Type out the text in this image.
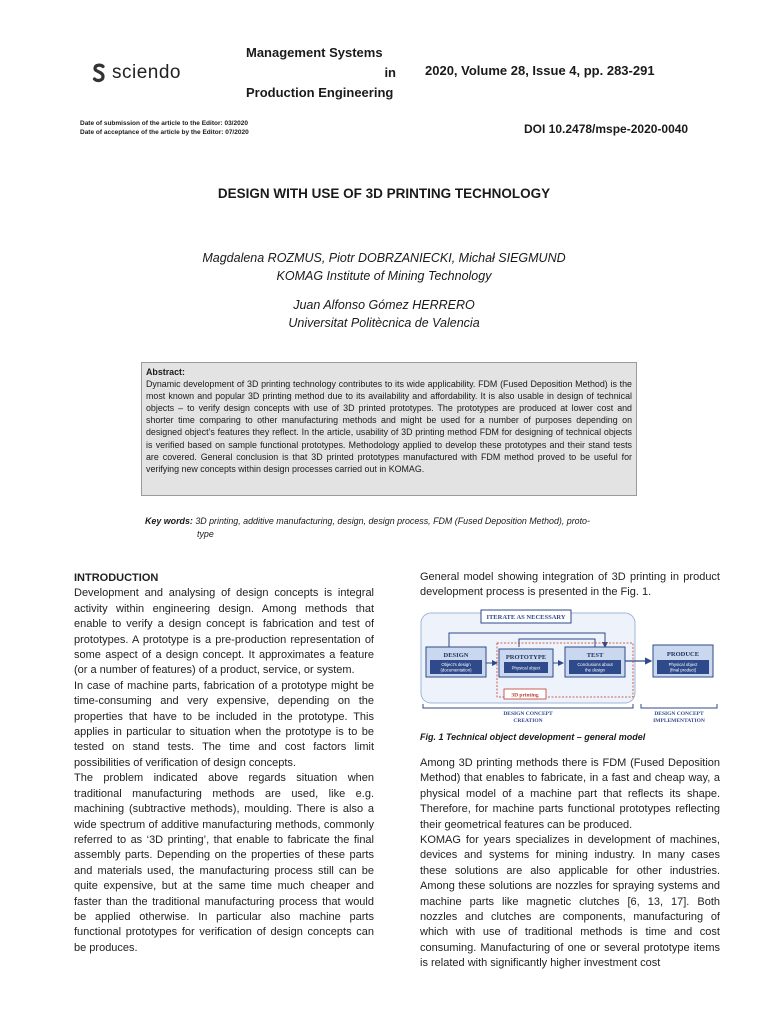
sciendo
Management Systems
in
Production Engineering
2020, Volume 28, Issue 4, pp. 283-291
Date of submission of the article to the Editor: 03/2020
Date of acceptance of the article by the Editor: 07/2020	DOI 10.2478/mspe-2020-0040
DESIGN WITH USE OF 3D PRINTING TECHNOLOGY
Magdalena ROZMUS, Piotr DOBRZANIECKI, Michał SIEGMUND
KOMAG Institute of Mining Technology
Juan Alfonso Gómez HERRERO
Universitat Politècnica de Valencia
Abstract:
Dynamic development of 3D printing technology contributes to its wide applicability. FDM (Fused Deposition Method) is the most known and popular 3D printing method due to its availability and affordability. It is also usable in design of technical objects – to verify design concepts with use of 3D printed prototypes. The prototypes are produced at lower cost and shorter time comparing to other manufacturing methods and might be used for a number of purposes depending on designed object’s features they reflect. In the article, usability of 3D printing method FDM for designing of technical objects is verified based on sample functional prototypes. Methodology applied to develop these prototypes and their stand tests are covered. General conclusion is that 3D printed prototypes manufactured with FDM method proved to be useful for verifying new concepts within design processes carried out in KOMAG.
Key words: 3D printing, additive manufacturing, design, design process, FDM (Fused Deposition Method), proto-
type
INTRODUCTION

Development and analysing of design concepts is integral activity within engineering design. Among methods that enable to verify a design concept is fabrication and test of prototypes. A prototype is a pre-production representation of some aspect of a design concept. It approximates a feature (or a number of features) of a product, service, or system.

In case of machine parts, fabrication of a prototype might be time-consuming and very expensive, depending on the properties that have to be included in the prototype. This applies in particular to situation when the prototype is to be tested on stand tests. The time and cost factors limit possibilities of verification of design concepts.

The problem indicated above regards situation when traditional manufacturing methods are used, like e.g. machining (subtractive methods), moulding. There is also a wide spectrum of additive manufacturing methods, commonly referred to as ‘3D printing’, that enable to fabricate the final assembly parts. Depending on the properties of these parts and materials used, the manufacturing process still can be quite expensive, but at the same time much cheaper and faster than the traditional manufacturing process that would be applied otherwise. In particular also machine parts functional prototypes for verification of design concepts can be produces.

General model showing integration of 3D printing in product development process is presented in the Fig. 1.
ITERATE AS NECESSARY
DESIGN
Object’s design
(documentation)
PROTOTYPE
Physical object
TEST
Conclusions about
the design
3D printing
PRODUCE
Physical object
(final product)
DESIGN CONCEPT
CREATION
DESIGN CONCEPT
IMPLEMENTATION
Fig. 1 Technical object development – general model

Among 3D printing methods there is FDM (Fused Deposition Method) that enables to fabricate, in a fast and cheap way, a physical model of a machine part that reflects its shape. Therefore, for machine parts functional prototypes reflecting their geometrical features can be produced.

KOMAG for years specializes in development of machines, devices and systems for mining industry. In many cases these solutions are also applicable for other industries. Among these solutions are nozzles for spraying systems and machine parts like magnetic clutches [6, 13, 17]. Both nozzles and clutches are components, manufacturing of which with use of traditional methods is time and cost consuming. Manufacturing of one or several prototype items is related with significantly higher investment cost
